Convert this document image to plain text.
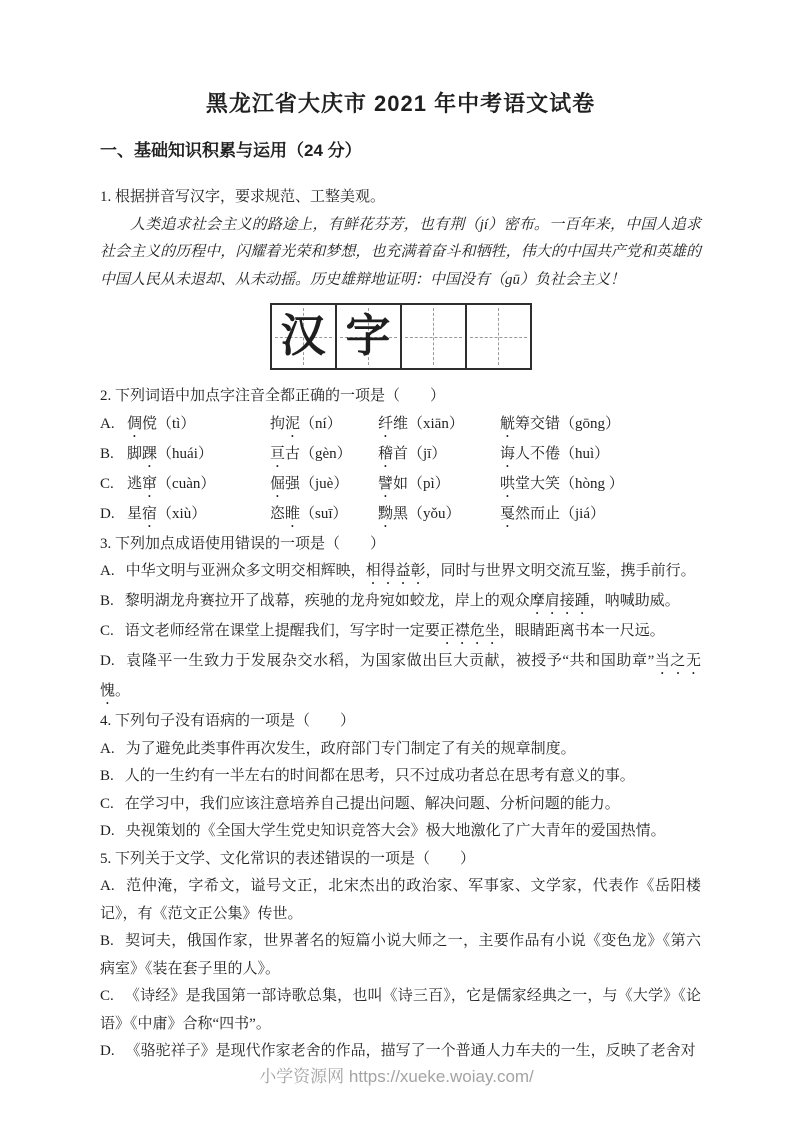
黑龙江省大庆市 2021 年中考语文试卷
一、基础知识积累与运用（24 分）

1. 根据拼音写汉字，要求规范、工整美观。

人类追求社会主义的路途上，有鲜花芬芳，也有荆（jí）密布。一百年来，中国人追求社会主义的历程中，闪耀着光荣和梦想，也充满着奋斗和牺牲，伟大的中国共产党和英雄的中国人民从未退却、从未动摇。历史雄辩地证明：中国没有（gū）负社会主义！

汉 字

2. 下列词语中加点字注音全都正确的一项是（　　）

A. 倜傥（tì）	拘泥（ní）	纤维（xiān）	觥筹交错（gōng）
B. 脚踝（huái）	亘古（gèn）	稽首（jī）	诲人不倦（huì）
C. 逃窜（cuàn）	倔强（juè）	譬如（pì）	哄堂大笑（hòng ）
D. 星宿（xiù）	恣睢（suī）	黝黑（yǒu）	戛然而止（jiá）

3. 下列加点成语使用错误的一项是（　　）

A. 中华文明与亚洲众多文明交相辉映，相得益彰，同时与世界文明交流互鉴，携手前行。

B. 黎明湖龙舟赛拉开了战幕，疾驰的龙舟宛如蛟龙，岸上的观众摩肩接踵，呐喊助威。

C. 语文老师经常在课堂上提醒我们，写字时一定要正襟危坐，眼睛距离书本一尺远。

D. 袁隆平一生致力于发展杂交水稻，为国家做出巨大贡献，被授予“共和国助章”当之无愧。

4. 下列句子没有语病的一项是（　　）

A. 为了避免此类事件再次发生，政府部门专门制定了有关的规章制度。

B. 人的一生约有一半左右的时间都在思考，只不过成功者总在思考有意义的事。

C. 在学习中，我们应该注意培养自己提出问题、解决问题、分析问题的能力。

D. 央视策划的《全国大学生党史知识竞答大会》极大地激化了广大青年的爱国热情。

5. 下列关于文学、文化常识的表述错误的一项是（　　）

A. 范仲淹，字希文，谥号文正，北宋杰出的政治家、军事家、文学家，代表作《岳阳楼记》，有《范文正公集》传世。

B. 契诃夫，俄国作家，世界著名的短篇小说大师之一，主要作品有小说《变色龙》《第六病室》《装在套子里的人》。

C. 《诗经》是我国第一部诗歌总集，也叫《诗三百》，它是儒家经典之一，与《大学》《论语》《中庸》合称“四书”。

D. 《骆驼祥子》是现代作家老舍的作品，描写了一个普通人力车夫的一生，反映了老舍对

小学资源网 https://xueke.woiay.com/
